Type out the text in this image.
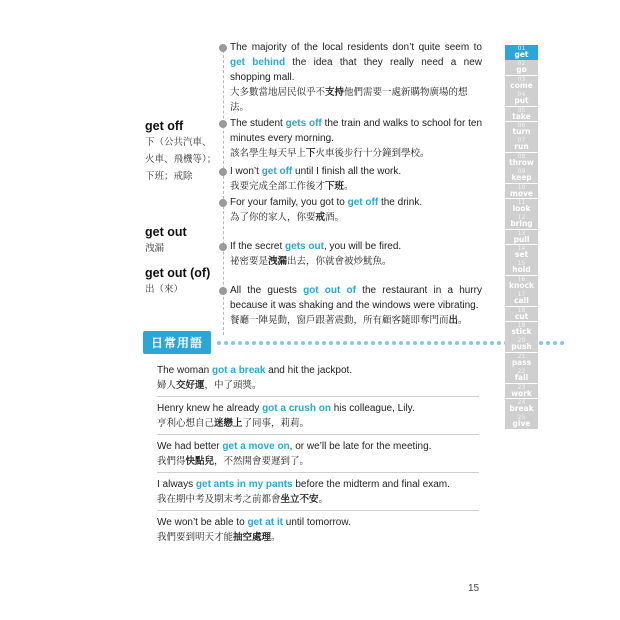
get off
下（公共汽車、火車、飛機等）；下班；戒除
get out
洩漏
get out (of)
出（來）
The majority of the local residents don’t quite seem to get behind the idea that they really need a new shopping mall.
大多數當地居民似乎不支持他們需要一處新購物廣場的想法。
The student gets off the train and walks to school for ten minutes every morning.
該名學生每天早上下火車後步行十分鐘到學校。
I won’t get off until I finish all the work.
我要完成全部工作後才下班。
For your family, you got to get off the drink.
為了你的家人，你要戒酒。
If the secret gets out, you will be fired.
祕密要是洩漏出去，你就會被炒魷魚。
All the guests got out of the restaurant in a hurry because it was shaking and the windows were vibrating.
餐廳一陣晃動，窗戶跟著震動，所有顧客隨即奪門而出。
日常用語
The woman got a break and hit the jackpot.
婦人交好運，中了頭獎。
Henry knew he already got a crush on his colleague, Lily.
亨利心想自己迷戀上了同事，莉莉。
We had better get a move on, or we’ll be late for the meeting.
我們得快點兒，不然開會要遲到了。
I always get ants in my pants before the midterm and final exam.
我在期中考及期末考之前都會坐立不安。
We won’t be able to get at it until tomorrow.
我們要到明天才能抽空處理。
01
get
02
go
03
come
04
put
05
take
06
turn
07
run
08
throw
09
keep
10
move
11
look
12
bring
13
pull
14
set
15
hold
16
knock
17
call
18
cut
19
stick
20
push
21
pass
22
fall
23
work
24
break
25
give
15
